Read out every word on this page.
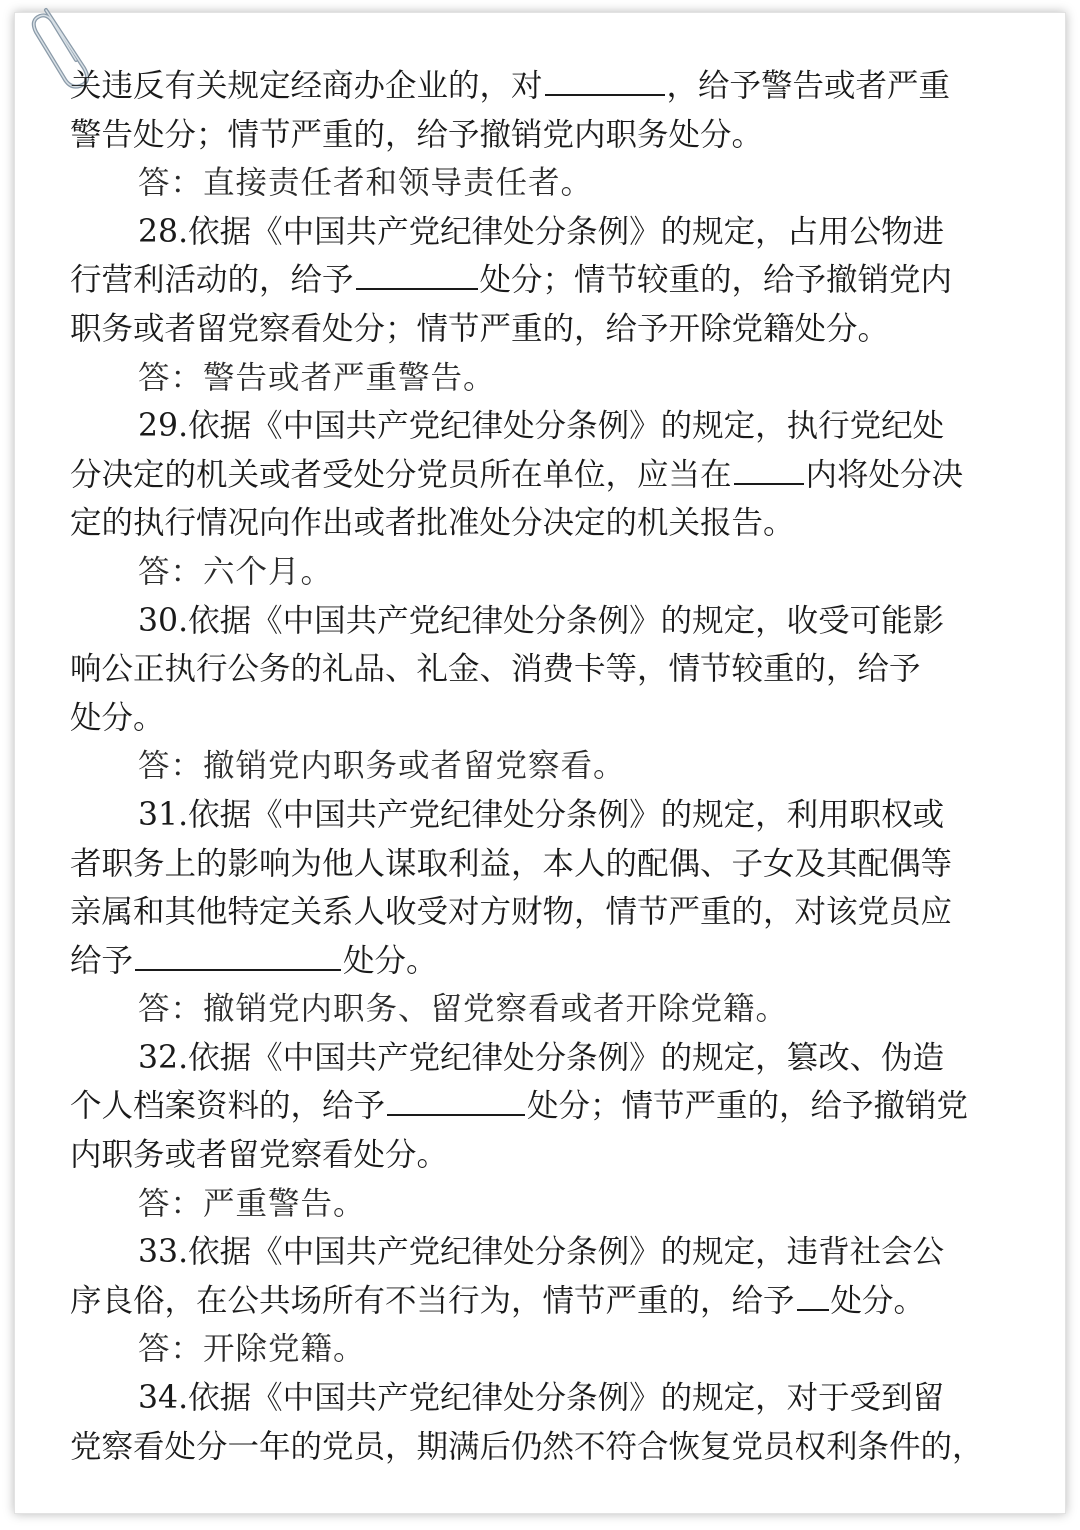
关违反有关规定经商办企业的，对	，给予警告或者严重
警告处分；情节严重的，给予撤销党内职务处分。
答：直接责任者和领导责任者。
28.依据《中国共产党纪律处分条例》的规定，占用公物进
行营利活动的，给予	处分；情节较重的，给予撤销党内
职务或者留党察看处分；情节严重的，给予开除党籍处分。
答：警告或者严重警告。
29.依据《中国共产党纪律处分条例》的规定，执行党纪处
分决定的机关或者受处分党员所在单位，应当在 内将处分决
定的执行情况向作出或者批准处分决定的机关报告。
答：六个月。
30.依据《中国共产党纪律处分条例》的规定，收受可能影
响公正执行公务的礼品、礼金、消费卡等，情节较重的，给予
处分。
答：撤销党内职务或者留党察看。
31.依据《中国共产党纪律处分条例》的规定，利用职权或
者职务上的影响为他人谋取利益，本人的配偶、子女及其配偶等
亲属和其他特定关系人收受对方财物，情节严重的，对该党员应
给予	处分。
答：撤销党内职务、留党察看或者开除党籍。
32.依据《中国共产党纪律处分条例》的规定，篡改、伪造
个人档案资料的，给予	处分；情节严重的，给予撤销党
内职务或者留党察看处分。
答：严重警告。
33.依据《中国共产党纪律处分条例》的规定，违背社会公
序良俗，在公共场所有不当行为，情节严重的，给予 处分。
答：开除党籍。
34.依据《中国共产党纪律处分条例》的规定，对于受到留
党察看处分一年的党员，期满后仍然不符合恢复党员权利条件的，
